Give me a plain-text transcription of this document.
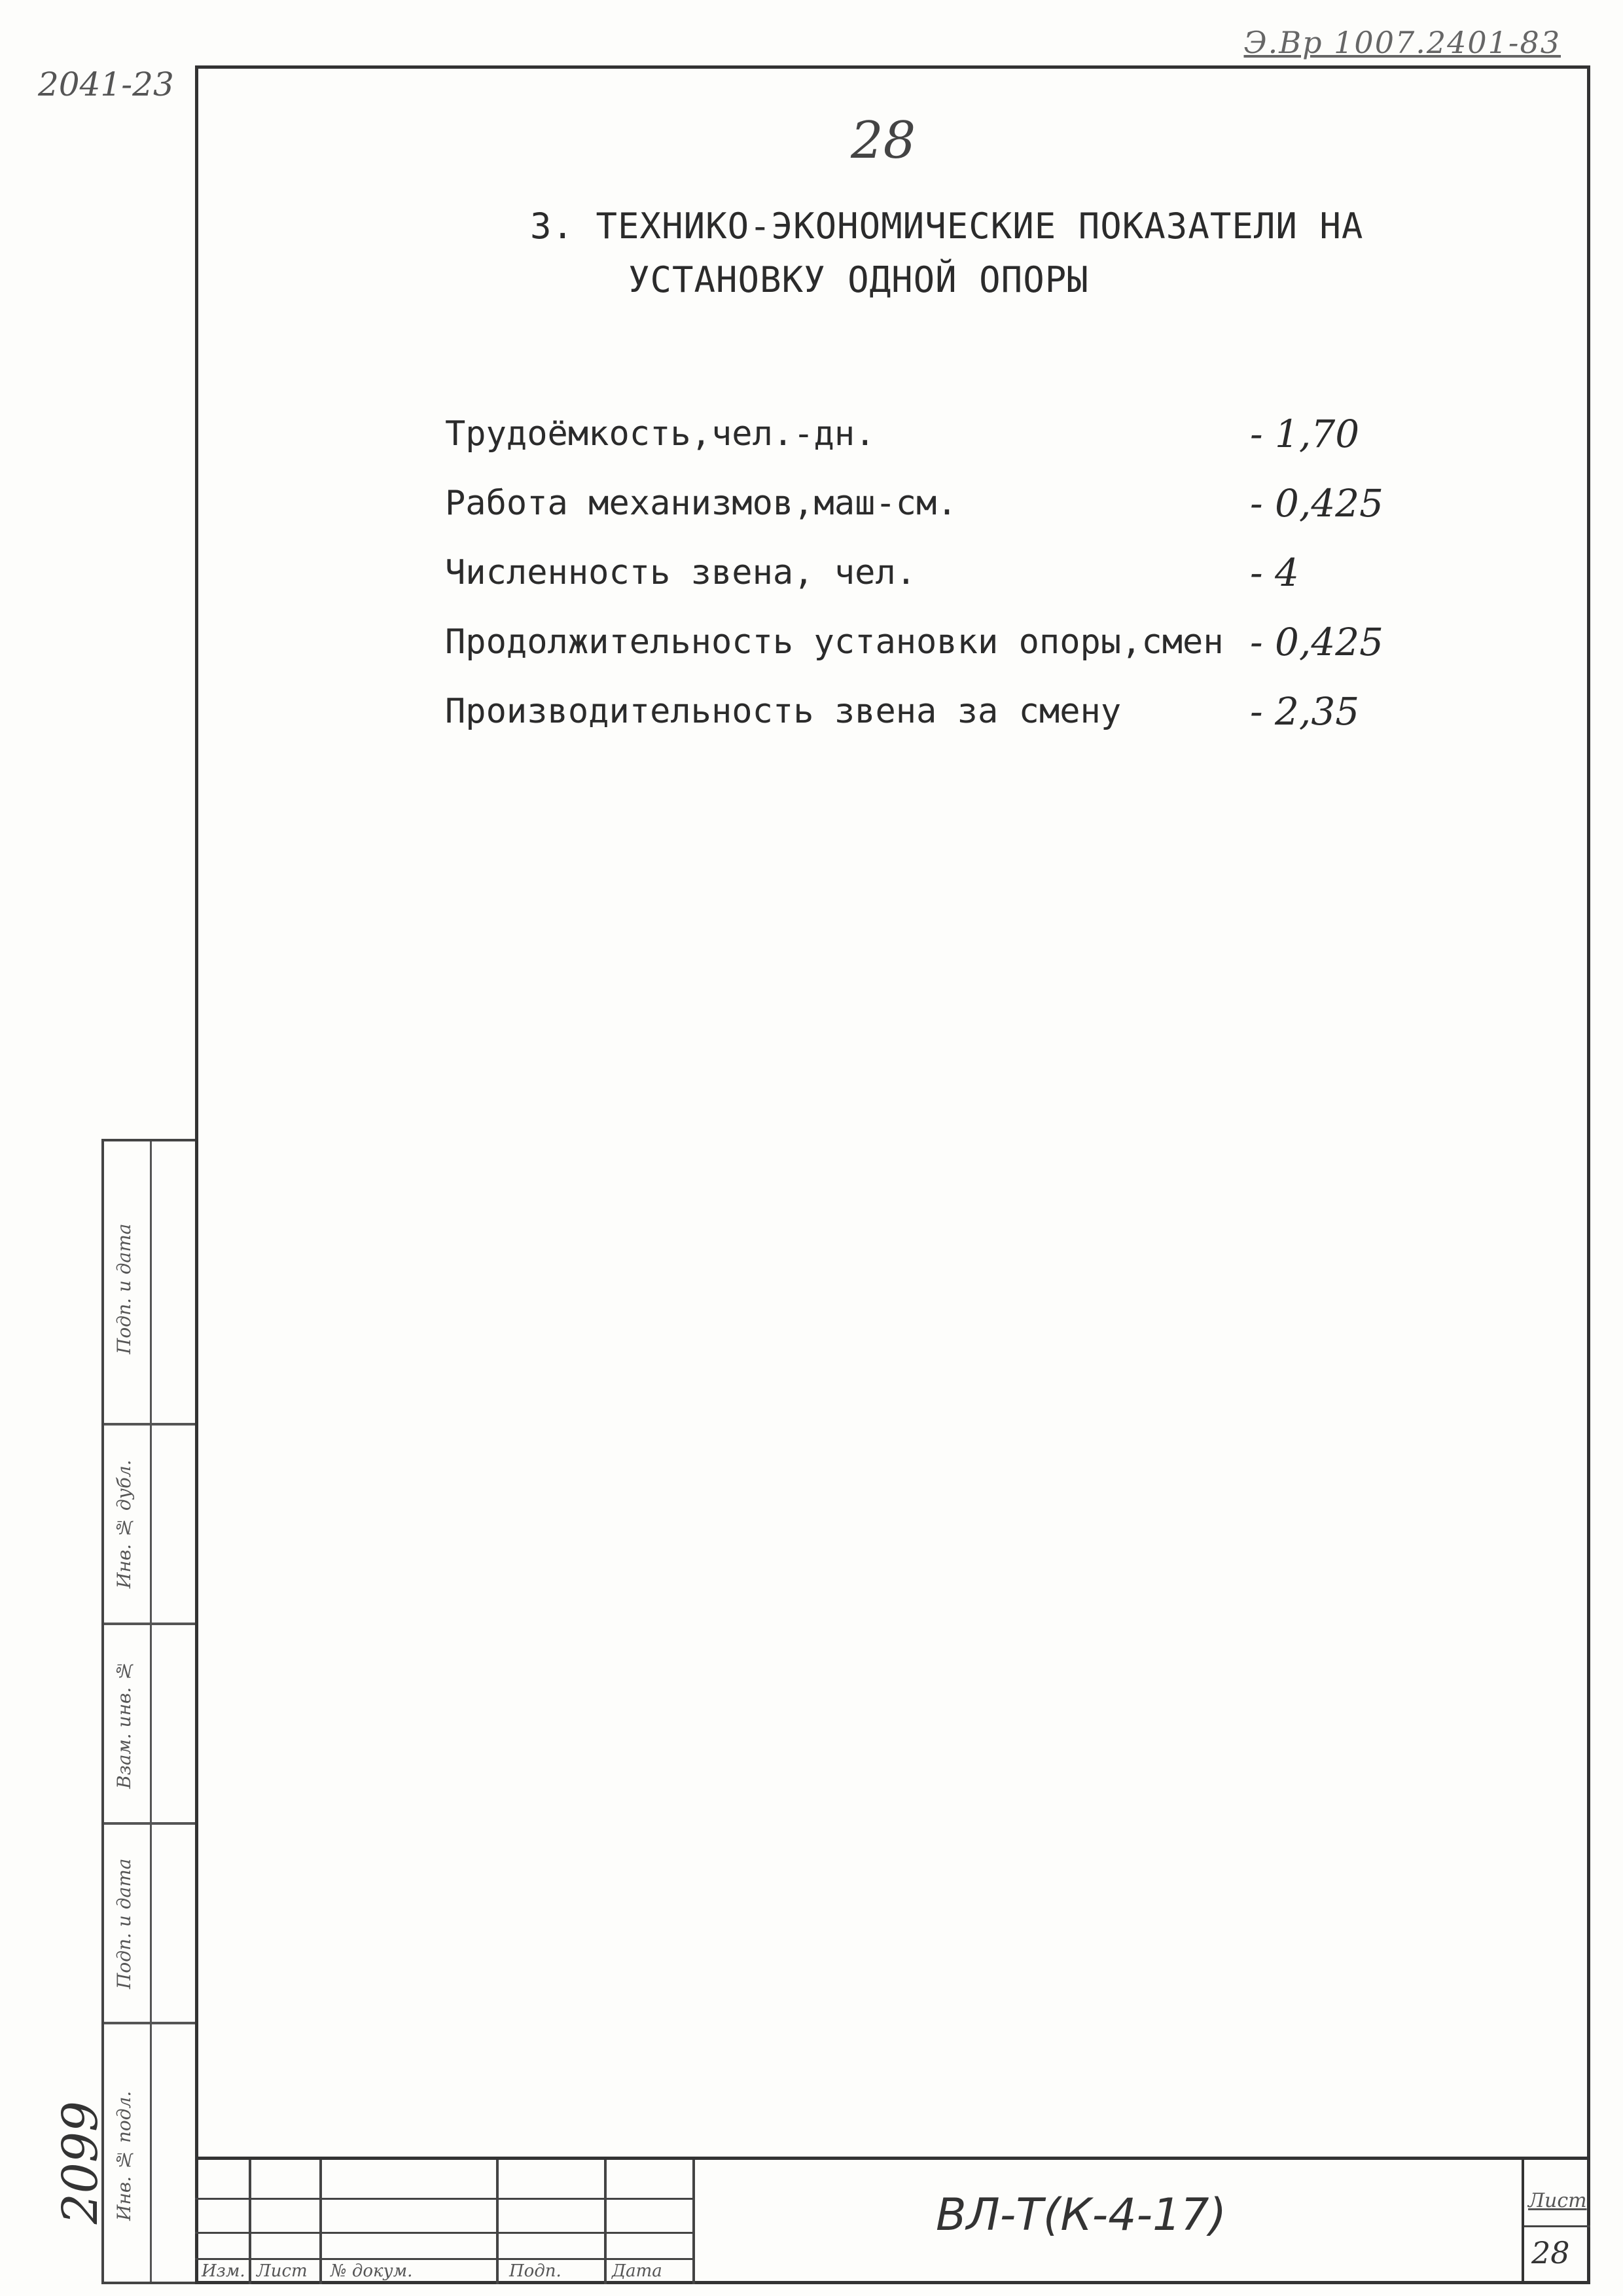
Э.Вр 1007.2401-83
2041-23
28
3. ТЕХНИКО-ЭКОНОМИЧЕСКИЕ ПОКАЗАТЕЛИ НА
УСТАНОВКУ ОДНОЙ ОПОРЫ
Трудоёмкость,чел.-дн.	- 1,70
Работа механизмов,маш-см.	- 0,425
Численность звена, чел.	- 4
Продолжительность установки опоры,смен - 0,425
Производительность звена за смену	- 2,35
Инв. № подл.
Подп. и дата
Взам. инв. №
Инв. № дубл.
Подп. и дата
2099
Изм. Лист № докум.	Подп.	Дата
ВЛ-Т(К-4-17)	Лист
28
